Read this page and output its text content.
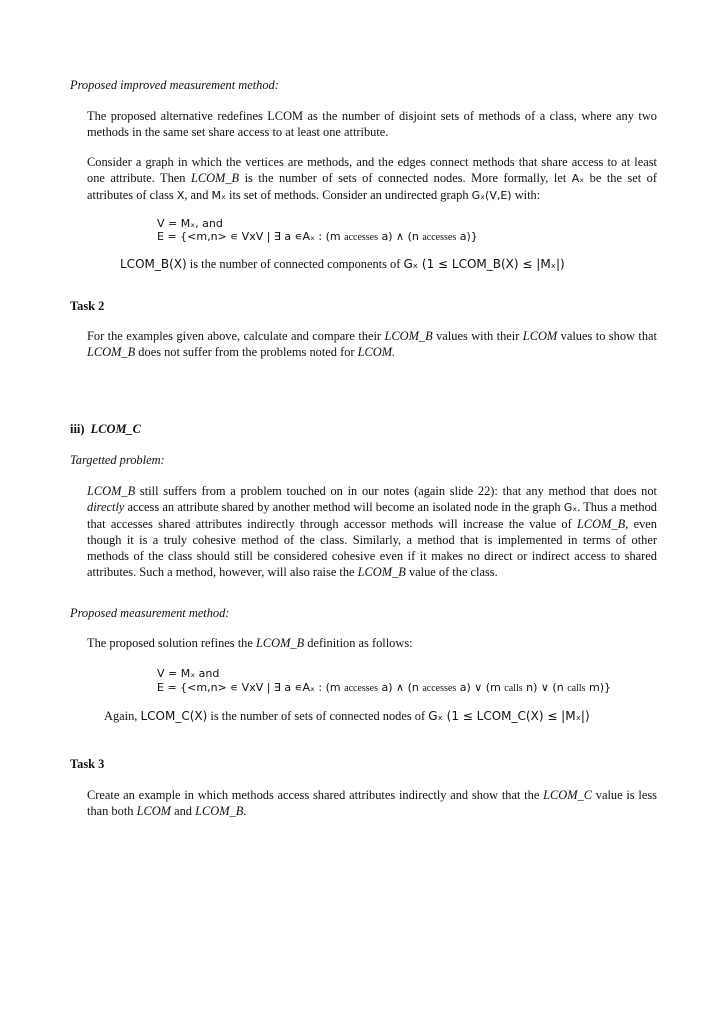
Proposed improved measurement method:
The proposed alternative redefines LCOM as the number of disjoint sets of methods of a class, where any two methods in the same set share access to at least one attribute.
Consider a graph in which the vertices are methods, and the edges connect methods that share access to at least one attribute. Then LCOM_B is the number of sets of connected nodes. More formally, let Aₓ be the set of attributes of class X, and Mₓ its set of methods. Consider an undirected graph Gₓ(V,E) with:
V = Mₓ, and
E = {<m,n> ∊ VxV | ∃ a ∊Aₓ : (m accesses a) ∧ (n accesses a)}
LCOM_B(X) is the number of connected components of Gₓ (1 ≤ LCOM_B(X) ≤ |Mₓ|)
Task 2
For the examples given above, calculate and compare their LCOM_B values with their LCOM values to show that LCOM_B does not suffer from the problems noted for LCOM.
iii) LCOM_C
Targetted problem:
LCOM_B still suffers from a problem touched on in our notes (again slide 22): that any method that does not directly access an attribute shared by another method will become an isolated node in the graph Gₓ. Thus a method that accesses shared attributes indirectly through accessor methods will increase the value of LCOM_B, even though it is a truly cohesive method of the class. Similarly, a method that is implemented in terms of other methods of the class should still be considered cohesive even if it makes no direct or indirect access to shared attributes. Such a method, however, will also raise the LCOM_B value of the class.
Proposed measurement method:
The proposed solution refines the LCOM_B definition as follows:
V = Mₓ and
E = {<m,n> ∊ VxV | ∃ a ∊Aₓ : (m accesses a) ∧ (n accesses a) ∨ (m calls n) ∨ (n calls m)}
Again, LCOM_C(X) is the number of sets of connected nodes of Gₓ (1 ≤ LCOM_C(X) ≤ |Mₓ|)
Task 3
Create an example in which methods access shared attributes indirectly and show that the LCOM_C value is less than both LCOM and LCOM_B.
